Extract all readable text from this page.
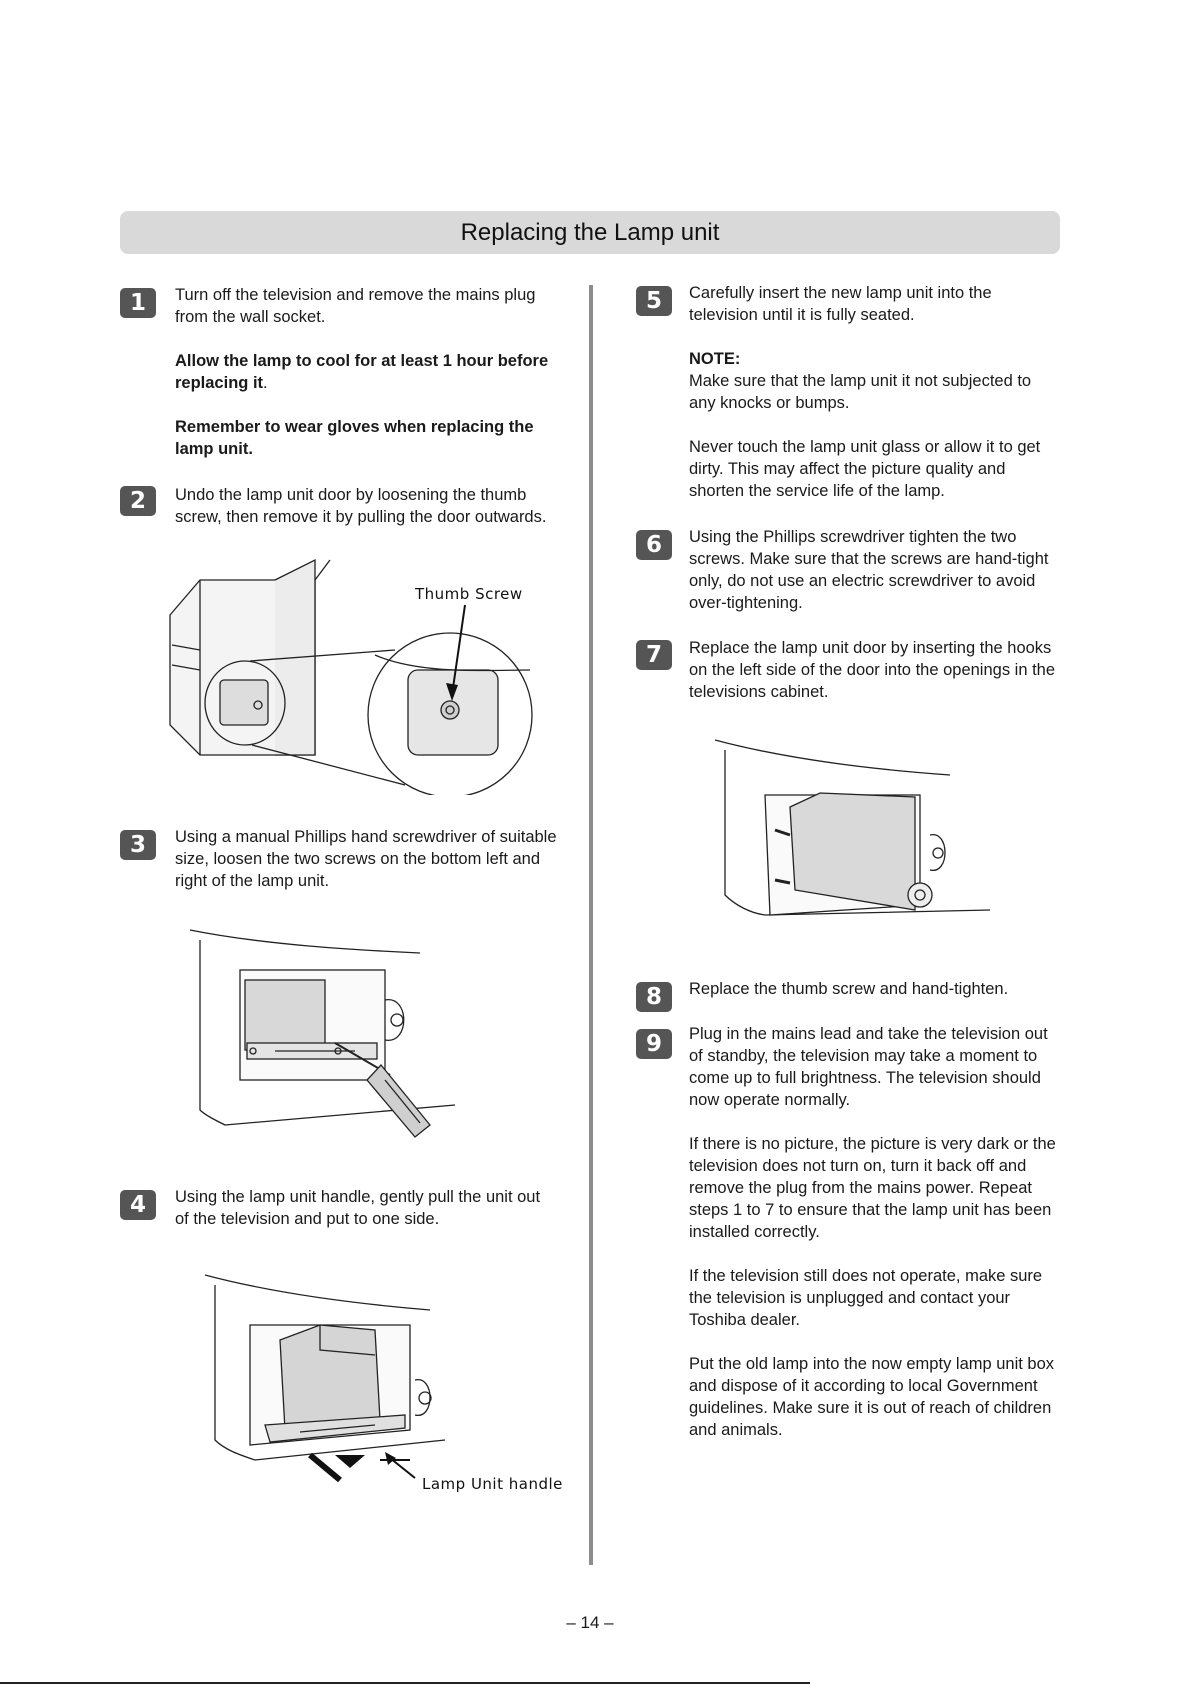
Replacing the Lamp unit
1	Turn off the television and remove the mains plug from the wall socket.

Allow the lamp to cool for at least 1 hour before replacing it.

Remember to wear gloves when replacing the lamp unit.

2	Undo the lamp unit door by loosening the thumb screw, then remove it by pulling the door outwards.
Thumb Screw
3	Using a manual Phillips hand screwdriver of suitable size, loosen the two screws on the bottom left and right of the lamp unit.
4	Using the lamp unit handle, gently pull the unit out of the television and put to one side.
Lamp Unit handle
5	Carefully insert the new lamp unit into the television until it is fully seated.

NOTE:
Make sure that the lamp unit it not subjected to any knocks or bumps.

Never touch the lamp unit glass or allow it to get dirty. This may affect the picture quality and shorten the service life of the lamp.

6	Using the Phillips screwdriver tighten the two screws. Make sure that the screws are hand-tight only, do not use an electric screwdriver to avoid over-tightening.
7	Replace the lamp unit door by inserting the hooks on the left side of the door into the openings in the televisions cabinet.
8	Replace the thumb screw and hand-tighten.
9	Plug in the mains lead and take the television out of standby, the television may take a moment to come up to full brightness. The television should now operate normally.

If there is no picture, the picture is very dark or the television does not turn on, turn it back off and remove the plug from the mains power. Repeat steps 1 to 7 to ensure that the lamp unit has been installed correctly.

If the television still does not operate, make sure the television is unplugged and contact your Toshiba dealer.

Put the old lamp into the now empty lamp unit box and dispose of it according to local Government guidelines. Make sure it is out of reach of children and animals.

– 14 –
